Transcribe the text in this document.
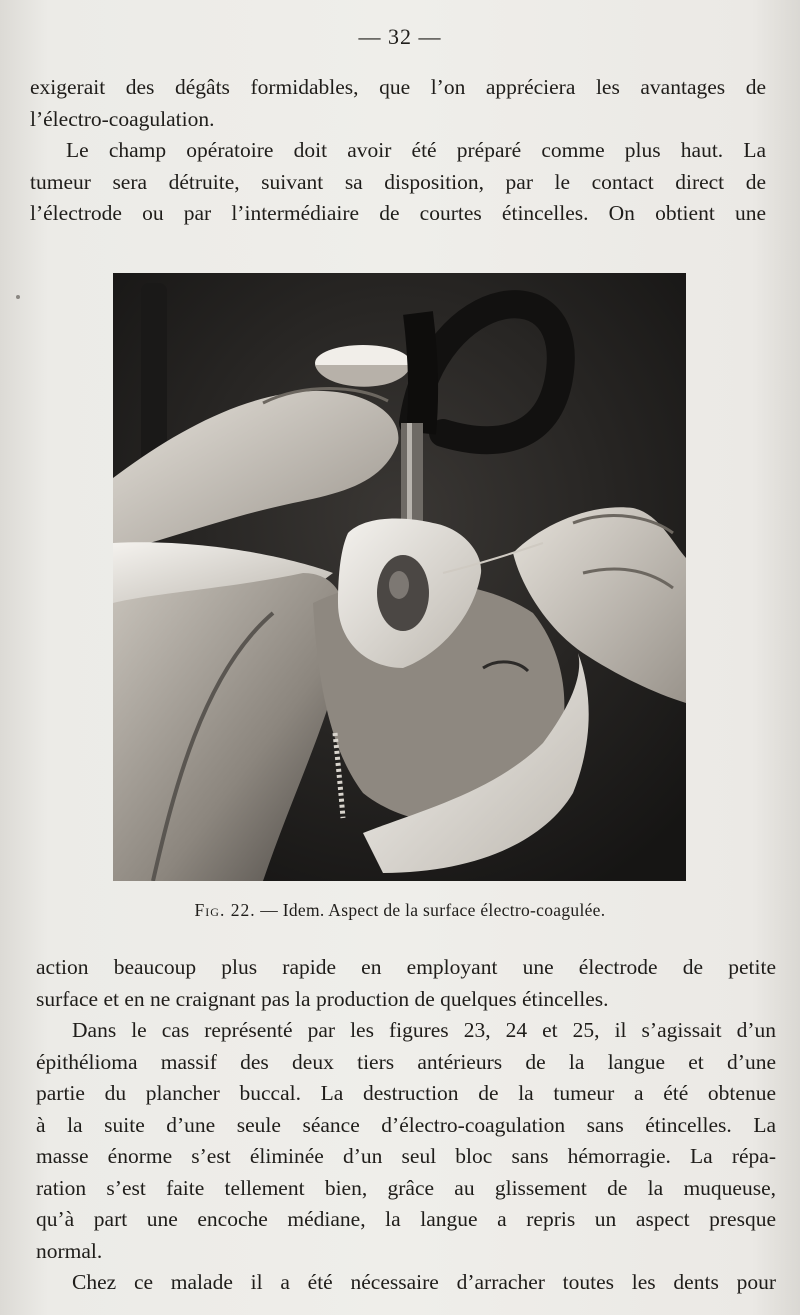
— 32 —
exigerait des dégâts formidables, que l’on appréciera les avantages de
l’électro-coagulation.
Le champ opératoire doit avoir été préparé comme plus haut. La
tumeur sera détruite, suivant sa disposition, par le contact direct de
l’électrode ou par l’intermédiaire de courtes étincelles. On obtient une
Fig. 22. — Idem. Aspect de la surface électro-coagulée.
action beaucoup plus rapide en employant une électrode de petite
surface et en ne craignant pas la production de quelques étincelles.
Dans le cas représenté par les figures 23, 24 et 25, il s’agissait d’un
épithélioma massif des deux tiers antérieurs de la langue et d’une
partie du plancher buccal. La destruction de la tumeur a été obtenue
à la suite d’une seule séance d’électro-coagulation sans étincelles. La
masse énorme s’est éliminée d’un seul bloc sans hémorragie. La répa-
ration s’est faite tellement bien, grâce au glissement de la muqueuse,
qu’à part une encoche médiane, la langue a repris un aspect presque
normal.
Chez ce malade il a été nécessaire d’arracher toutes les dents pour
